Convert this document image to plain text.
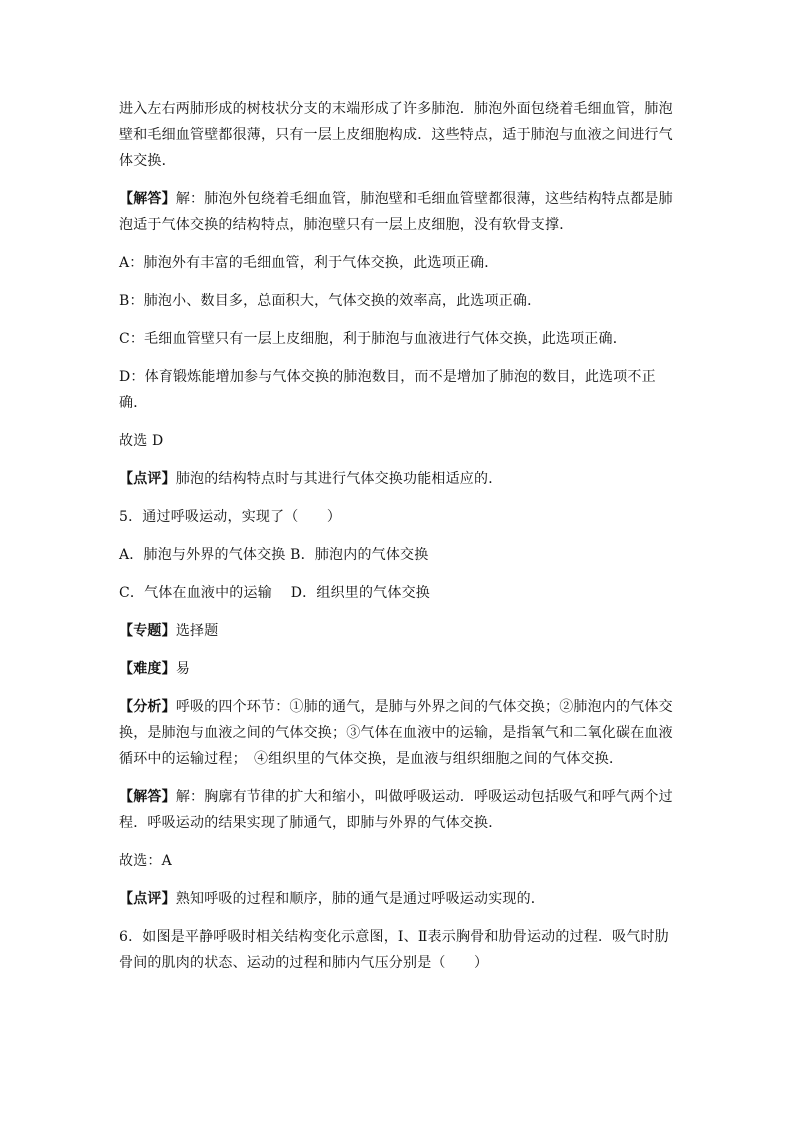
进入左右两肺形成的树枝状分支的末端形成了许多肺泡．肺泡外面包绕着毛细血管，肺泡壁和毛细血管壁都很薄，只有一层上皮细胞构成．这些特点，适于肺泡与血液之间进行气体交换．

【解答】解：肺泡外包绕着毛细血管，肺泡壁和毛细血管壁都很薄，这些结构特点都是肺泡适于气体交换的结构特点，肺泡壁只有一层上皮细胞，没有软骨支撑．

A：肺泡外有丰富的毛细血管，利于气体交换，此选项正确．

B：肺泡小、数目多，总面积大，气体交换的效率高，此选项正确．

C：毛细血管壁只有一层上皮细胞，利于肺泡与血液进行气体交换，此选项正确．

D：体育锻炼能增加参与气体交换的肺泡数目，而不是增加了肺泡的数目，此选项不正确．

故选 D

【点评】肺泡的结构特点时与其进行气体交换功能相适应的．

5．通过呼吸运动，实现了（　　）

A．肺泡与外界的气体交换 B．肺泡内的气体交换

C．气体在血液中的运输　 D．组织里的气体交换

【专题】选择题

【难度】易

【分析】呼吸的四个环节：①肺的通气，是肺与外界之间的气体交换；②肺泡内的气体交换，是肺泡与血液之间的气体交换；③气体在血液中的运输，是指氧气和二氧化碳在血液循环中的运输过程；　④组织里的气体交换，是血液与组织细胞之间的气体交换．

【解答】解：胸廓有节律的扩大和缩小，叫做呼吸运动．呼吸运动包括吸气和呼气两个过程．呼吸运动的结果实现了肺通气，即肺与外界的气体交换．

故选：A

【点评】熟知呼吸的过程和顺序，肺的通气是通过呼吸运动实现的．

6．如图是平静呼吸时相关结构变化示意图，Ⅰ、Ⅱ表示胸骨和肋骨运动的过程．吸气时肋骨间的肌肉的状态、运动的过程和肺内气压分别是（　　）
